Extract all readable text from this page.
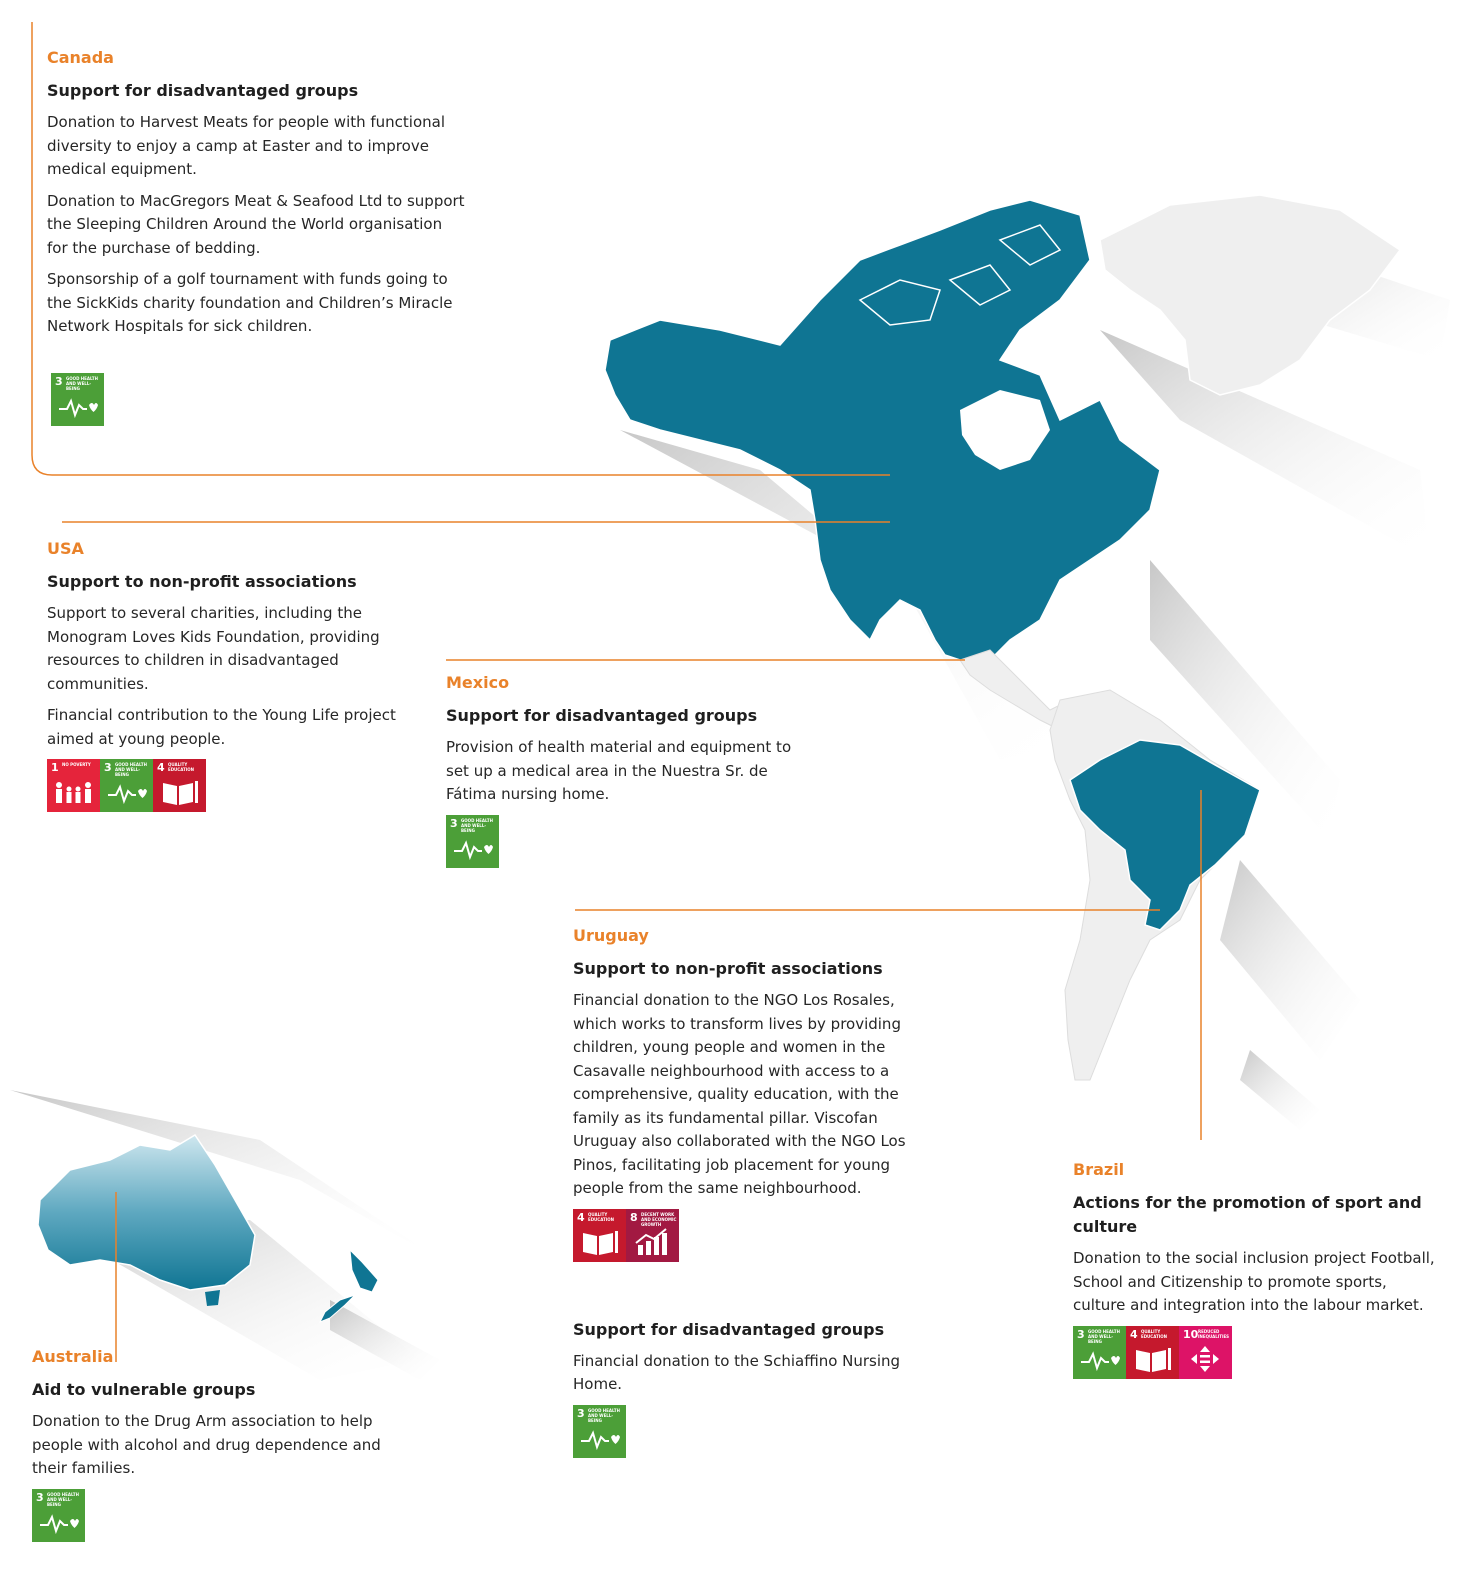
Canada
Support for disadvantaged groups

Donation to Harvest Meats for people with functional diversity to enjoy a camp at Easter and to improve medical equipment.

Donation to MacGregors Meat & Seafood Ltd to support the Sleeping Children Around the World organisation for the purchase of bedding.

Sponsorship of a golf tournament with funds going to the SickKids charity foundation and Children’s Miracle Network Hospitals for sick children.

3 GOOD HEALTH AND WELL-BEING
USA
Support to non-profit associations

Support to several charities, including the Monogram Loves Kids Foundation, providing resources to children in disadvantaged communities.

Financial contribution to the Young Life project aimed at young people.

1 NO POVERTY	3 GOOD HEALTH AND WELL-BEING
4 QUALITY EDUCATION
Mexico
Support for disadvantaged groups

Provision of health material and equipment to set up a medical area in the Nuestra Sr. de Fátima nursing home.

3 GOOD HEALTH AND WELL-BEING
Uruguay
Support to non-profit associations

Financial donation to the NGO Los Rosales, which works to transform lives by providing children, young people and women in the Casavalle neighbourhood with access to a comprehensive, quality education, with the family as its fundamental pillar. Viscofan Uruguay also collaborated with the NGO Los Pinos, facilitating job placement for young people from the same neighbourhood.

4 QUALITY EDUCATION	8 DECENT WORK AND ECONOMIC GROWTH
Support for disadvantaged groups

Financial donation to the Schiaffino Nursing Home.

3 GOOD HEALTH AND WELL-BEING
Brazil
Actions for the promotion of sport and culture

Donation to the social inclusion project Football, School and Citizenship to promote sports, culture and integration into the labour market.

3 GOOD HEALTH AND WELL-BEING
4 QUALITY EDUCATION	10 REDUCED INEQUALITIES
Australia
Aid to vulnerable groups

Donation to the Drug Arm association to help people with alcohol and drug dependence and their families.

3 GOOD HEALTH AND WELL-BEING
